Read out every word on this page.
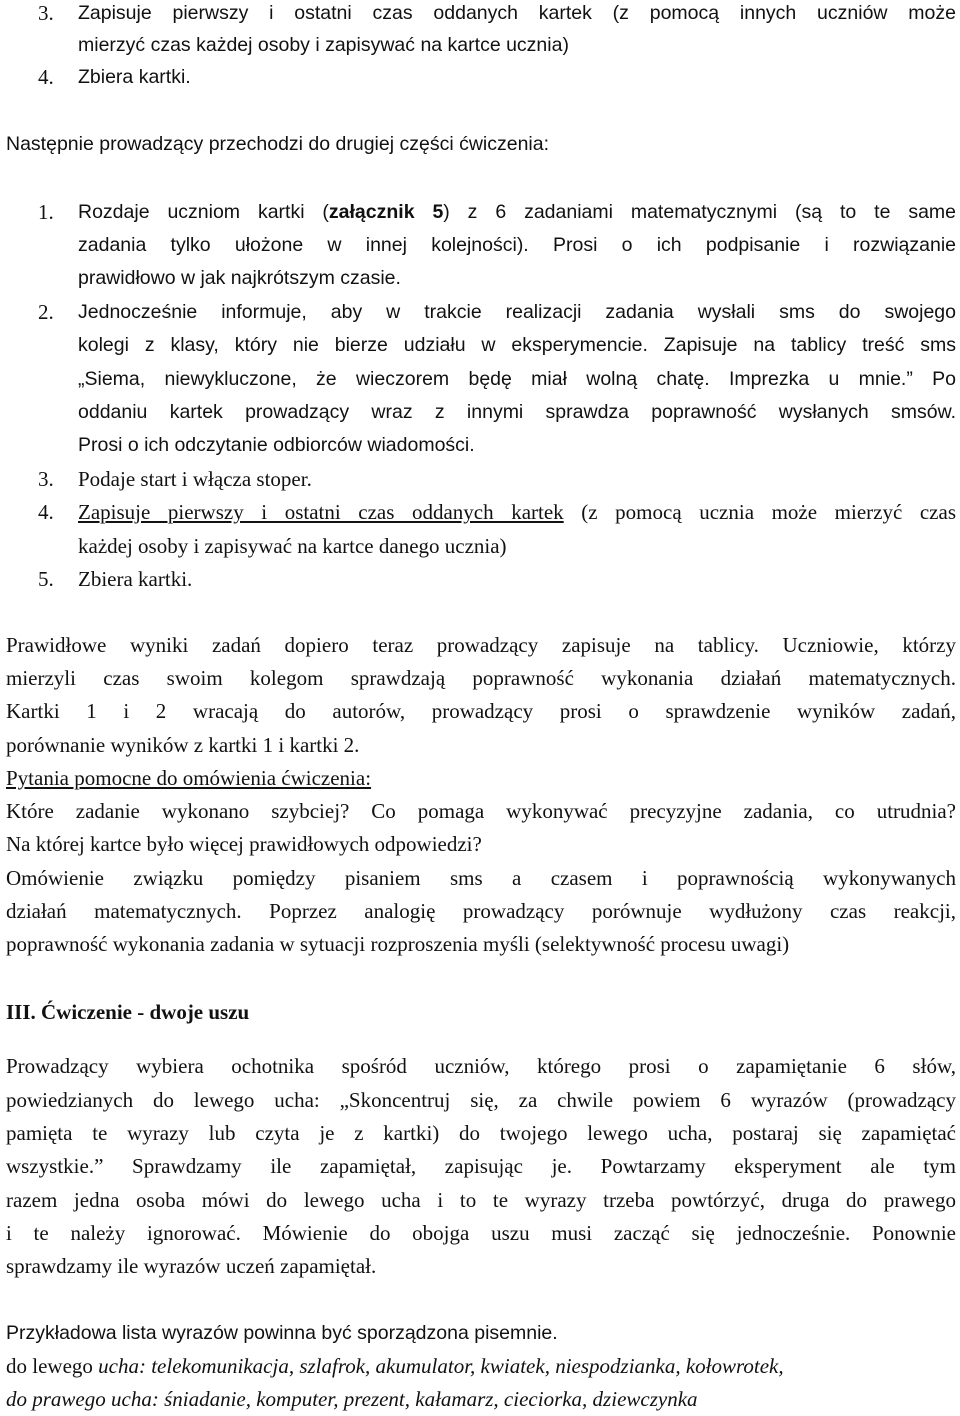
3. Zapisuje pierwszy i ostatni czas oddanych kartek (z pomocą innych uczniów może
mierzyć czas każdej osoby i zapisywać na kartce ucznia)
4. Zbiera kartki.
Następnie prowadzący przechodzi do drugiej części ćwiczenia:
1. Rozdaje uczniom kartki (załącznik 5) z 6 zadaniami matematycznymi (są to te same
zadania tylko ułożone w innej kolejności). Prosi o ich podpisanie i rozwiązanie
prawidłowo w jak najkrótszym czasie.
2. Jednocześnie informuje, aby w trakcie realizacji zadania wysłali sms do swojego
kolegi z klasy, który nie bierze udziału w eksperymencie. Zapisuje na tablicy treść sms
„Siema, niewykluczone, że wieczorem będę miał wolną chatę. Imprezka u mnie.” Po
oddaniu kartek prowadzący wraz z innymi sprawdza poprawność wysłanych smsów.
Prosi o ich odczytanie odbiorców wiadomości.
3. Podaje start i włącza stoper.
4. Zapisuje pierwszy i ostatni czas oddanych kartek (z pomocą ucznia może mierzyć czas
każdej osoby i zapisywać na kartce danego ucznia)
5. Zbiera kartki.
Prawidłowe wyniki zadań dopiero teraz prowadzący zapisuje na tablicy. Uczniowie, którzy
mierzyli czas swoim kolegom sprawdzają poprawność wykonania działań matematycznych.
Kartki 1 i 2 wracają do autorów, prowadzący prosi o sprawdzenie wyników zadań,
porównanie wyników z kartki 1 i kartki 2.
Pytania pomocne do omówienia ćwiczenia:
Które zadanie wykonano szybciej? Co pomaga wykonywać precyzyjne zadania, co utrudnia?
Na której kartce było więcej prawidłowych odpowiedzi?
Omówienie związku pomiędzy pisaniem sms a czasem i poprawnością wykonywanych
działań matematycznych. Poprzez analogię prowadzący porównuje wydłużony czas reakcji,
poprawność wykonania zadania w sytuacji rozproszenia myśli (selektywność procesu uwagi)
III. Ćwiczenie - dwoje uszu
Prowadzący wybiera ochotnika spośród uczniów, którego prosi o zapamiętanie 6 słów,
powiedzianych do lewego ucha: „Skoncentruj się, za chwile powiem 6 wyrazów (prowadzący
pamięta te wyrazy lub czyta je z kartki) do twojego lewego ucha, postaraj się zapamiętać
wszystkie.” Sprawdzamy ile zapamiętał, zapisując je. Powtarzamy eksperyment ale tym
razem jedna osoba mówi do lewego ucha i to te wyrazy trzeba powtórzyć, druga do prawego
i te należy ignorować. Mówienie do obojga uszu musi zacząć się jednocześnie. Ponownie
sprawdzamy ile wyrazów uczeń zapamiętał.
Przykładowa lista wyrazów powinna być sporządzona pisemnie.
do lewego ucha: telekomunikacja, szlafrok, akumulator, kwiatek, niespodzianka, kołowrotek,
do prawego ucha: śniadanie, komputer, prezent, kałamarz, cieciorka, dziewczynka
